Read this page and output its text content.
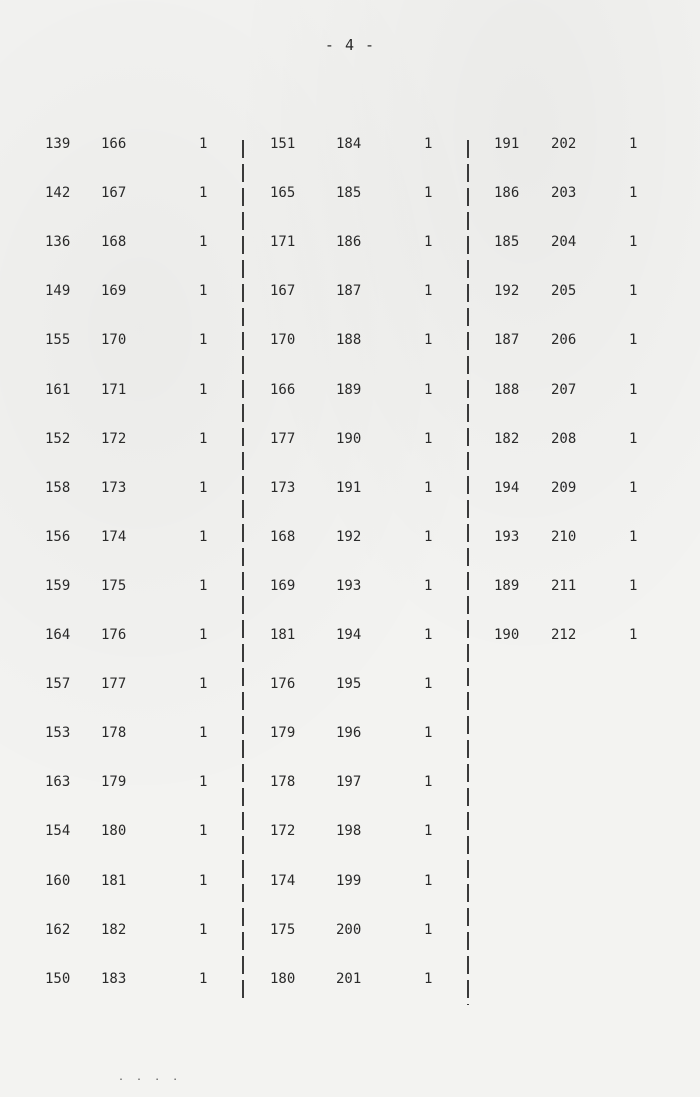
- 4 -
139 166	1	151	184	1	191 202	1
142 167	1	165	185	1	186 203	1
136 168	1	171	186	1	185 204	1
149 169	1	167	187	1	192 205	1
155 170	1	170	188	1	187 206	1
161 171	1	166	189	1	188 207	1
152 172	1	177	190	1	182 208	1
158 173	1	173	191	1	194 209	1
156 174	1	168	192	1	193 210	1
159 175	1	169	193	1	189 211	1
164 176	1	181	194	1	190 212	1
157 177	1	176	195	1
153 178	1	179	196	1
163 179	1	178	197	1
154 180	1	172	198	1
160 181	1	174	199	1
162 182	1	175	200	1
150 183	1	180	201	1
. . . .
